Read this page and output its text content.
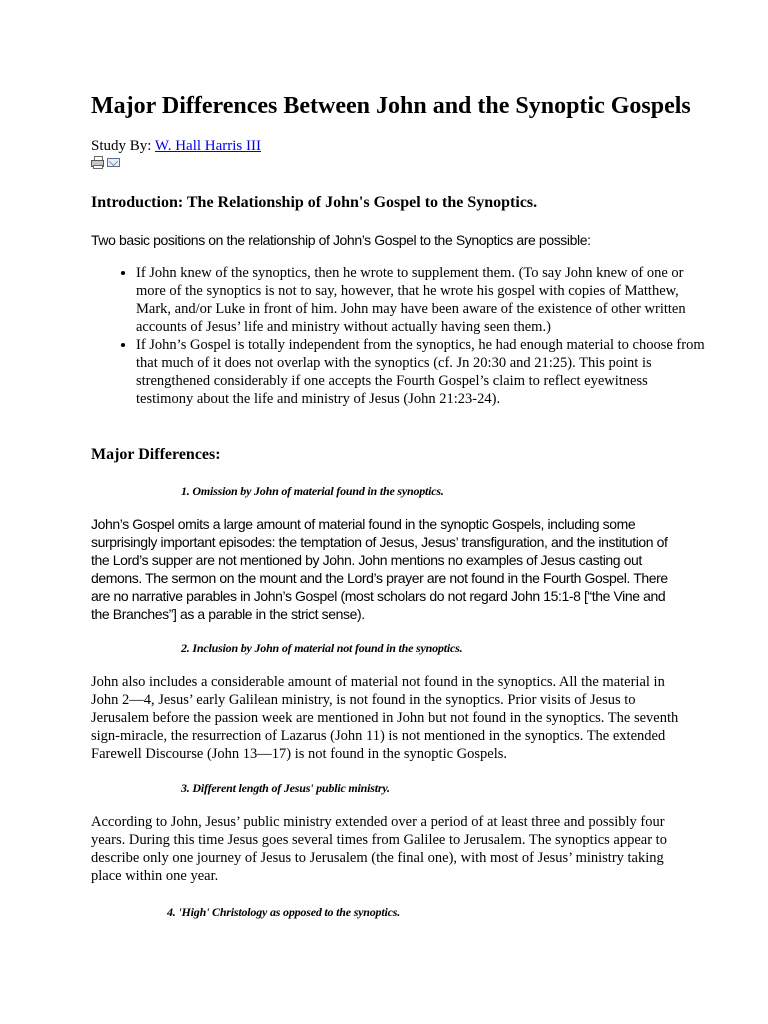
Major Differences Between John and the Synoptic Gospels
Study By: W. Hall Harris III
Introduction: The Relationship of John's Gospel to the Synoptics.

Two basic positions on the relationship of John’s Gospel to the Synoptics are possible:

• If John knew of the synoptics, then he wrote to supplement them. (To say John knew of one or more of the synoptics is not to say, however, that he wrote his gospel with copies of Matthew, Mark, and/or Luke in front of him. John may have been aware of the existence of other written accounts of Jesus’ life and ministry without actually having seen them.)
• If John’s Gospel is totally independent from the synoptics, he had enough material to choose from that much of it does not overlap with the synoptics (cf. Jn 20:30 and 21:25). This point is strengthened considerably if one accepts the Fourth Gospel’s claim to reflect eyewitness testimony about the life and ministry of Jesus (John 21:23-24).
Major Differences:

1. Omission by John of material found in the synoptics.

John’s Gospel omits a large amount of material found in the synoptic Gospels, including some surprisingly important episodes: the temptation of Jesus, Jesus’ transfiguration, and the institution of the Lord’s supper are not mentioned by John. John mentions no examples of Jesus casting out demons. The sermon on the mount and the Lord’s prayer are not found in the Fourth Gospel. There are no narrative parables in John’s Gospel (most scholars do not regard John 15:1-8 [“the Vine and the Branches”] as a parable in the strict sense).

2. Inclusion by John of material not found in the synoptics.

John also includes a considerable amount of material not found in the synoptics. All the material in John 2—4, Jesus’ early Galilean ministry, is not found in the synoptics. Prior visits of Jesus to Jerusalem before the passion week are mentioned in John but not found in the synoptics. The seventh sign-miracle, the resurrection of Lazarus (John 11) is not mentioned in the synoptics. The extended Farewell Discourse (John 13—17) is not found in the synoptic Gospels.

3. Different length of Jesus' public ministry.

According to John, Jesus’ public ministry extended over a period of at least three and possibly four years. During this time Jesus goes several times from Galilee to Jerusalem. The synoptics appear to describe only one journey of Jesus to Jerusalem (the final one), with most of Jesus’ ministry taking place within one year.

4. 'High' Christology as opposed to the synoptics.
